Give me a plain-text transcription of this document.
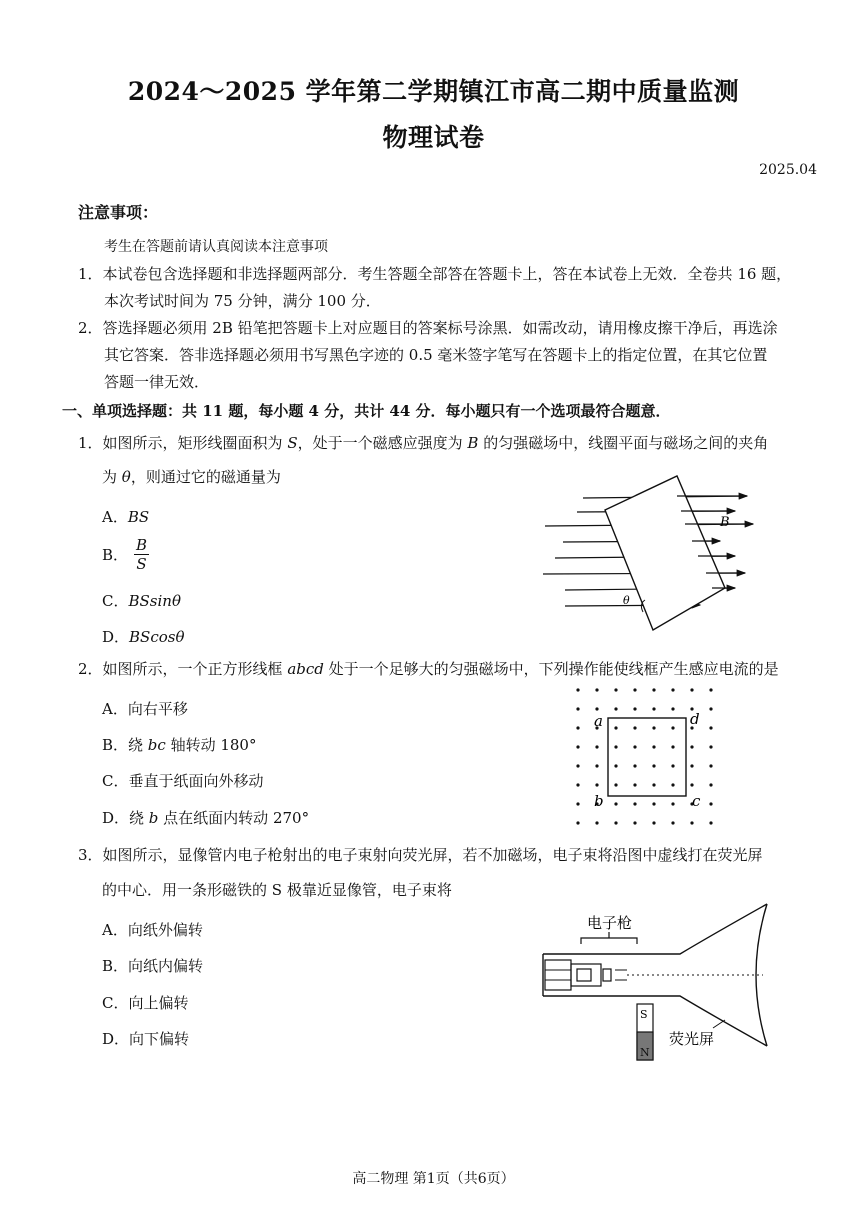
2024～2025 学年第二学期镇江市高二期中质量监测
物理试卷
2025.04
注意事项：
考生在答题前请认真阅读本注意事项
1．本试卷包含选择题和非选择题两部分．考生答题全部答在答题卡上，答在本试卷上无效．全卷共 16 题，
本次考试时间为 75 分钟，满分 100 分．
2．答选择题必须用 2B 铅笔把答题卡上对应题目的答案标号涂黑．如需改动，请用橡皮擦干净后，再选涂
其它答案．答非选择题必须用书写黑色字迹的 0.5 毫米签字笔写在答题卡上的指定位置，在其它位置
答题一律无效．
一、单项选择题：共 11 题，每小题 4 分，共计 44 分．每小题只有一个选项最符合题意．
1．如图所示，矩形线圈面积为 S，处于一个磁感应强度为 B 的匀强磁场中，线圈平面与磁场之间的夹角
为 θ，则通过它的磁通量为
A．BS
B． $\frac{B}{S}$
C．BSsinθ
D．BScosθ
B
θ
2．如图所示，一个正方形线框 abcd 处于一个足够大的匀强磁场中，下列操作能使线框产生感应电流的是
A．向右平移
B．绕 bc 轴转动 180°
C．垂直于纸面向外移动
D．绕 b 点在纸面内转动 270°
a
b	c
d
3．如图所示，显像管内电子枪射出的电子束射向荧光屏，若不加磁场，电子束将沿图中虚线打在荧光屏
的中心．用一条形磁铁的 S 极靠近显像管，电子束将
A．向纸外偏转
B．向纸内偏转
C．向上偏转
D．向下偏转
电子枪
S
N
荧光屏
高二物理 第1页（共6页）
